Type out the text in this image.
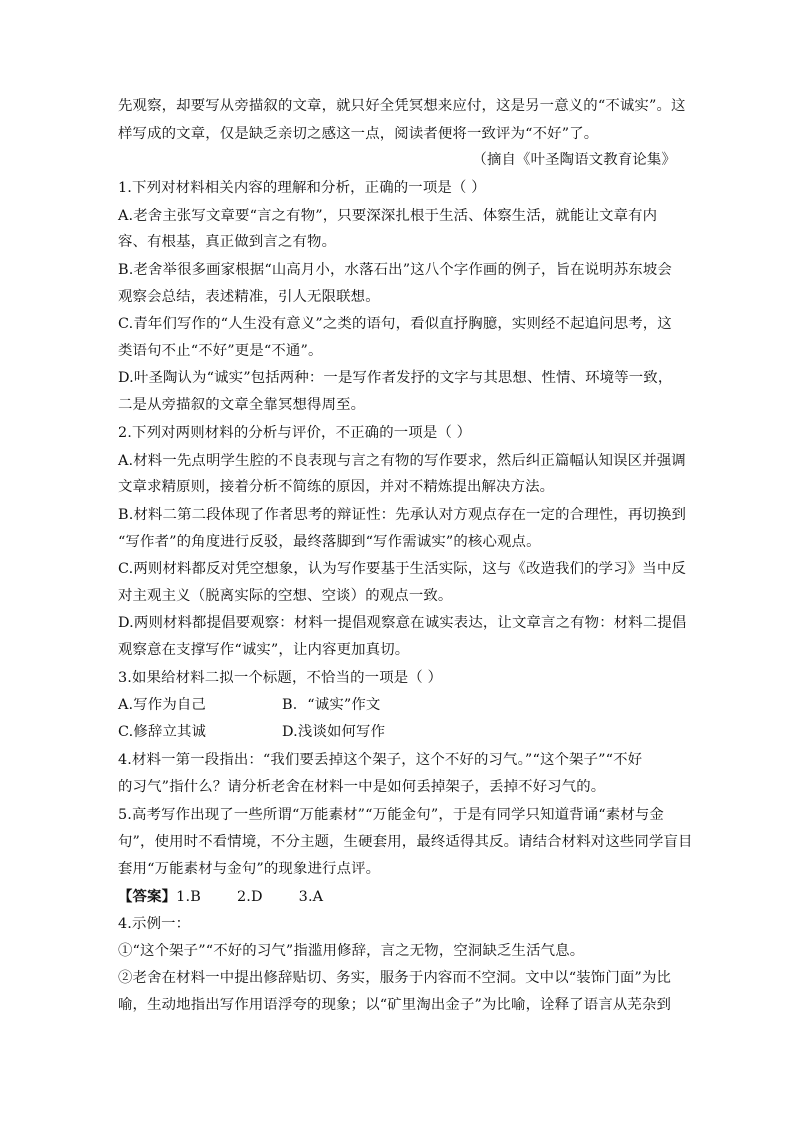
先观察，却要写从旁描叙的文章，就只好全凭冥想来应付，这是另一意义的“不诚实”。这
样写成的文章，仅是缺乏亲切之感这一点，阅读者便将一致评为“不好”了。
（摘自《叶圣陶语文教育论集》
1.下列对材料相关内容的理解和分析，正确的一项是（ ）
A.老舍主张写文章要“言之有物”，只要深深扎根于生活、体察生活，就能让文章有内
容、有根基，真正做到言之有物。
B.老舍举很多画家根据“山高月小，水落石出”这八个字作画的例子，旨在说明苏东坡会
观察会总结，表述精准，引人无限联想。
C.青年们写作的“人生没有意义”之类的语句，看似直抒胸臆，实则经不起追问思考，这
类语句不止“不好”更是“不通”。
D.叶圣陶认为“诚实”包括两种：一是写作者发抒的文字与其思想、性情、环境等一致，
二是从旁描叙的文章全靠冥想得周至。
2.下列对两则材料的分析与评价，不正确的一项是（ ）
A.材料一先点明学生腔的不良表现与言之有物的写作要求，然后纠正篇幅认知误区并强调
文章求精原则，接着分析不简练的原因，并对不精炼提出解决方法。
B.材料二第二段体现了作者思考的辩证性：先承认对方观点存在一定的合理性，再切换到
“写作者”的角度进行反驳，最终落脚到“写作需诚实”的核心观点。
C.两则材料都反对凭空想象，认为写作要基于生活实际，这与《改造我们的学习》当中反
对主观主义（脱离实际的空想、空谈）的观点一致。
D.两则材料都提倡要观察：材料一提倡观察意在诚实表达，让文章言之有物：材料二提倡
观察意在支撑写作“诚实”，让内容更加真切。
3.如果给材料二拟一个标题，不恰当的一项是（ ）
A.写作为自己	B．“诚实”作文
C.修辞立其诚	D.浅谈如何写作
4.材料一第一段指出：“我们要丢掉这个架子，这个不好的习气。”“这个架子”“不好
的习气”指什么？请分析老舍在材料一中是如何丢掉架子，丢掉不好习气的。
5.高考写作出现了一些所谓“万能素材”“万能金句”，于是有同学只知道背诵“素材与金
句”，使用时不看情境，不分主题，生硬套用，最终适得其反。请结合材料对这些同学盲目
套用“万能素材与金句”的现象进行点评。
【答案】1.B	2.D	3.A
4.示例一：
①“这个架子”“不好的习气”指滥用修辞，言之无物，空洞缺乏生活气息。
②老舍在材料一中提出修辞贴切、务实，服务于内容而不空洞。文中以“装饰门面”为比
喻，生动地指出写作用语浮夸的现象；以“矿里淘出金子”为比喻，诠释了语言从芜杂到
